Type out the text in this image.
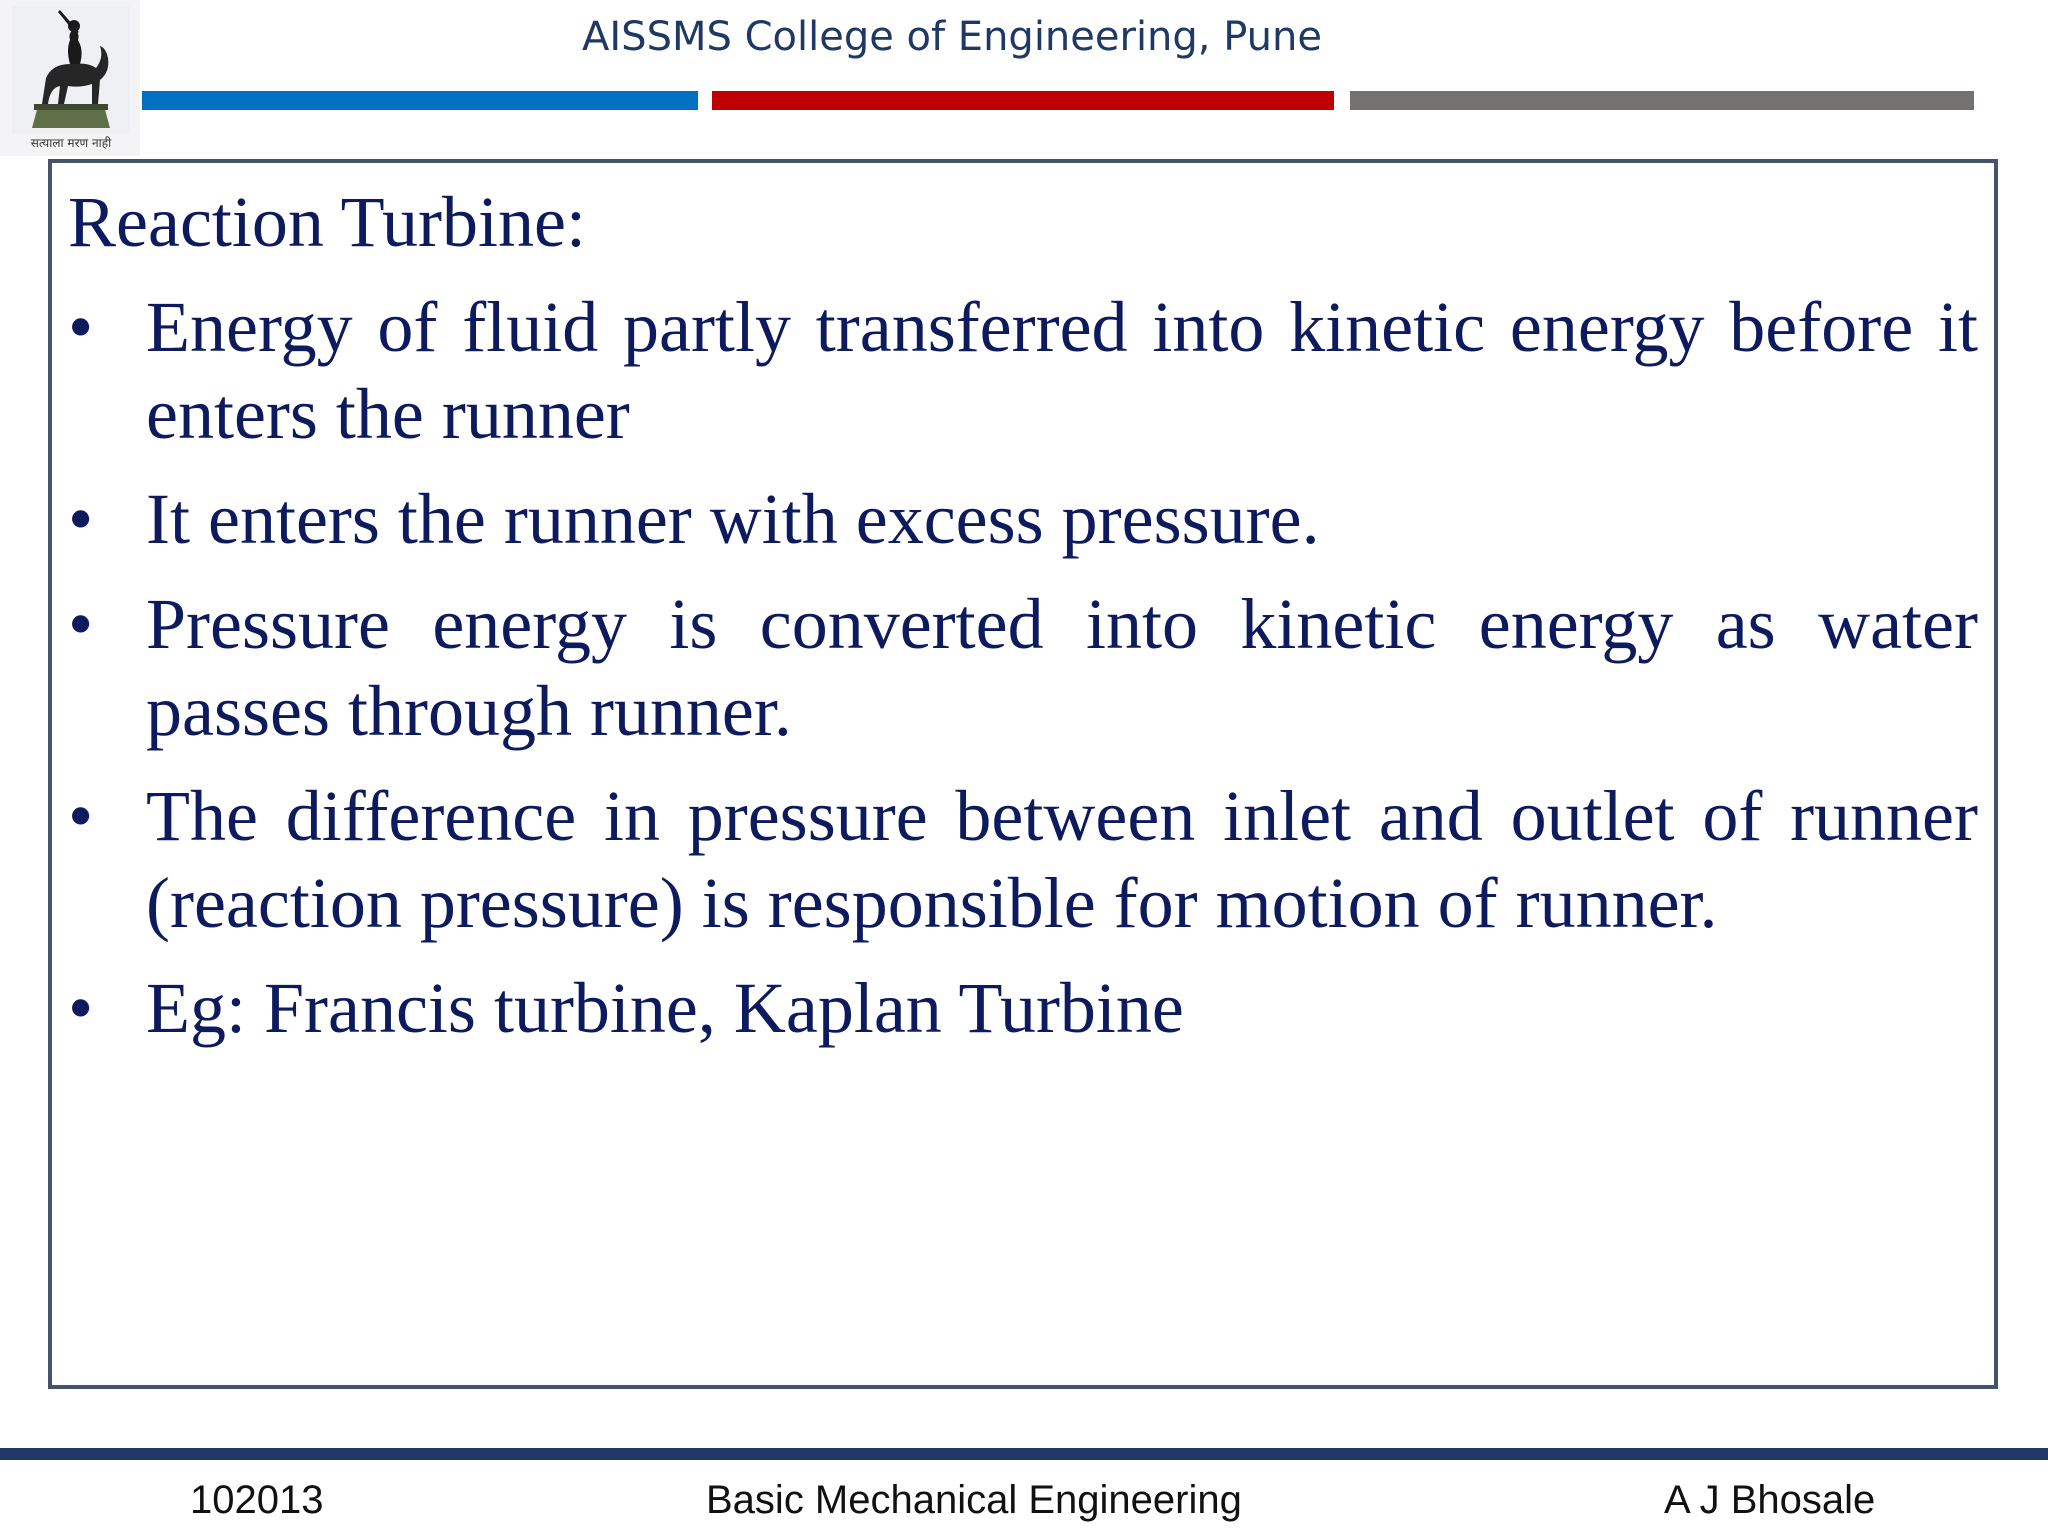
सत्याला मरण नाही
AISSMS College of Engineering, Pune
Reaction Turbine:
• Energy of fluid partly transferred into kinetic energy before it enters the runner
• It enters the runner with excess pressure.
• Pressure energy is converted into kinetic energy as water passes through runner.
• The difference in pressure between inlet and outlet of runner (reaction pressure) is responsible for motion of runner.
• Eg: Francis turbine, Kaplan Turbine
102013	Basic Mechanical Engineering	A J Bhosale
